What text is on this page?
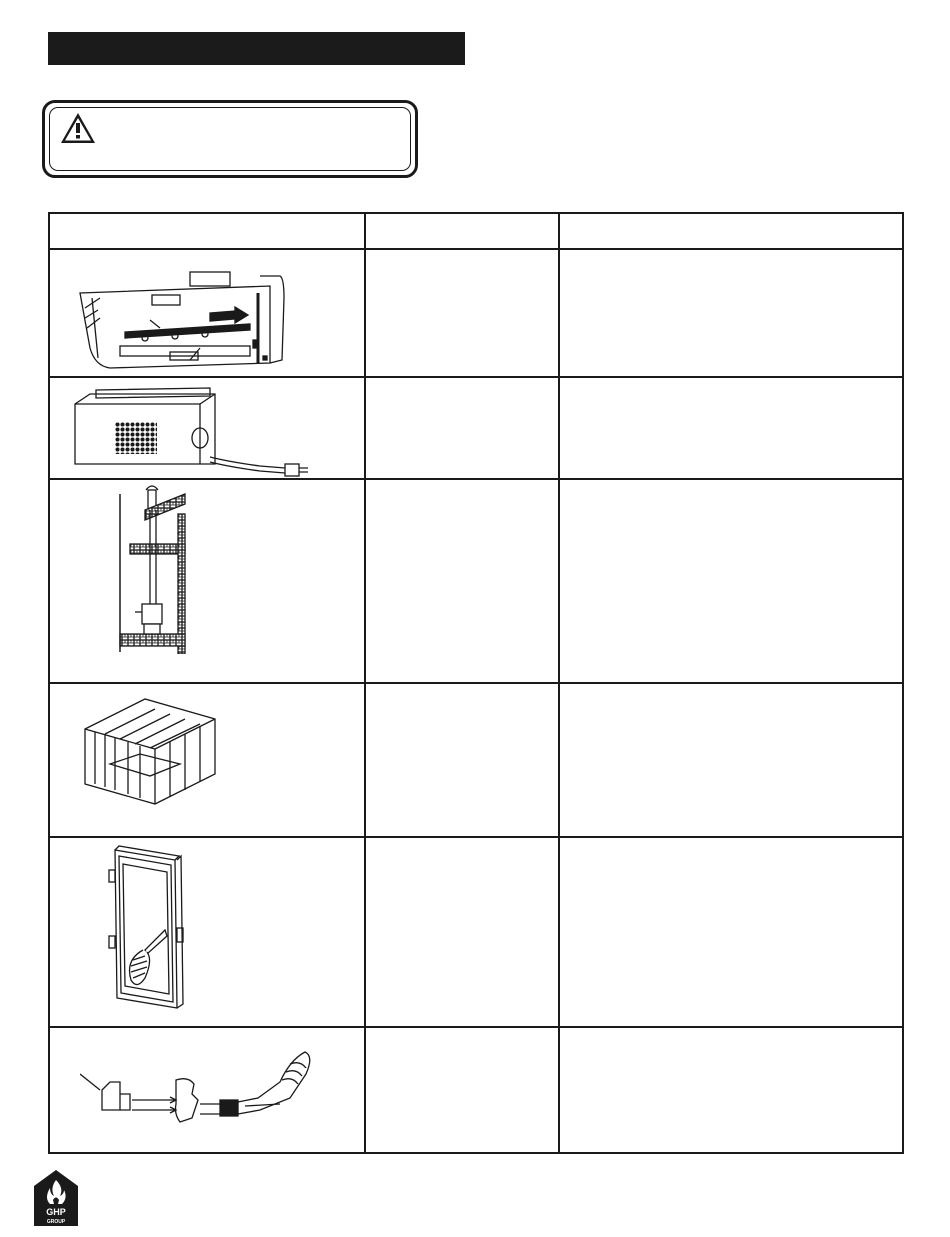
GHP
GROUP
